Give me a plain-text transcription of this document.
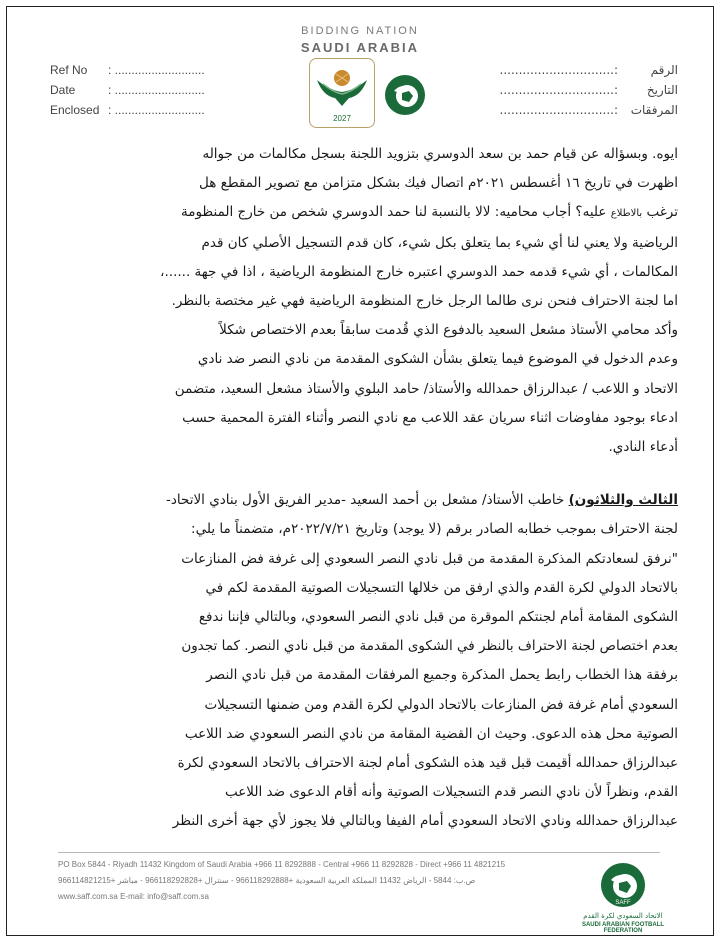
BIDDING NATION
SAUDI ARABIA
2027
Ref No : ...........................
Date	: ...........................
Enclosed : ...........................
الرقم:..............................
التاريخ:..............................
المرفقات:..............................

ايوه. وبسؤاله عن قيام حمد بن سعد الدوسري بتزويد اللجنة بسجل مكالمات من جواله

اظهرت في تاريخ ١٦ أغسطس ٢٠٢١م اتصال فيك بشكل متزامن مع تصوير المقطع هل

ترغب بالاطلاع عليه؟ أجاب محاميه: لالا بالنسبة لنا حمد الدوسري شخص من خارج المنظومة

الرياضية ولا يعني لنا أي شيء بما يتعلق بكل شيء، كان قدم التسجيل الأصلي كان قدم

المكالمات ، أي شيء قدمه حمد الدوسري اعتبره خارج المنظومة الرياضية ، اذا في جهة ......،

اما لجنة الاحتراف فنحن نرى طالما الرجل خارج المنظومة الرياضية فهي غير مختصة بالنظر.

وأكد محامي الأستاذ مشعل السعيد بالدفوع الذي قُدمت سابقاً بعدم الاختصاص شكلاً

وعدم الدخول في الموضوع فيما يتعلق بشأن الشكوى المقدمة من نادي النصر ضد نادي

الاتحاد و اللاعب / عبدالرزاق حمدالله والأستاذ/ حامد البلوي والأستاذ مشعل السعيد، متضمن

ادعاء بوجود مفاوضات اثناء سريان عقد اللاعب مع نادي النصر وأثناء الفترة المحمية حسب

أدعاء النادي.

الثالث والثلاثون) خاطب الأستاذ/ مشعل بن أحمد السعيد -مدير الفريق الأول بنادي الاتحاد-

لجنة الاحتراف بموجب خطابه الصادر برقم (لا يوجد) وتاريخ ٢٠٢٢/٧/٢١م، متضمناً ما يلي:

"نرفق لسعادتكم المذكرة المقدمة من قبل نادي النصر السعودي إلى غرفة فض المنازعات

بالاتحاد الدولي لكرة القدم والذي ارفق من خلالها التسجيلات الصوتية المقدمة لكم في

الشكوى المقامة أمام لجنتكم الموقرة من قبل نادي النصر السعودي، وبالتالي فإننا ندفع

بعدم اختصاص لجنة الاحتراف بالنظر في الشكوى المقدمة من قبل نادي النصر. كما تجدون

برفقة هذا الخطاب رابط يحمل المذكرة وجميع المرفقات المقدمة من قبل نادي النصر

السعودي أمام غرفة فض المنازعات بالاتحاد الدولي لكرة القدم ومن ضمنها التسجيلات

الصوتية محل هذه الدعوى. وحيث ان القضية المقامة من نادي النصر السعودي ضد اللاعب

عبدالرزاق حمدالله أقيمت قبل قيد هذه الشكوى أمام لجنة الاحتراف بالاتحاد السعودي لكرة

القدم، ونظراً لأن نادي النصر قدم التسجيلات الصوتية وأنه أقام الدعوى ضد اللاعب

عبدالرزاق حمدالله ونادي الاتحاد السعودي أمام الفيفا وبالتالي فلا يجوز لأي جهة أخرى النظر

PO Box 5844 - Riyadh 11432 Kingdom of Saudi Arabia +966 11 8292888 - Central +966 11 8292828 - Direct +966 11 4821215
ص.ب: 5844 - الرياض 11432 المملكة العربية السعودية +966118292888 - سنترال +966118292828 - مباشر +966114821215
www.saff.com.sa E-mail: info@saff.com.sa
SAFF
الاتحاد السعودي لكرة القدم
SAUDI ARABIAN FOOTBALL FEDERATION
